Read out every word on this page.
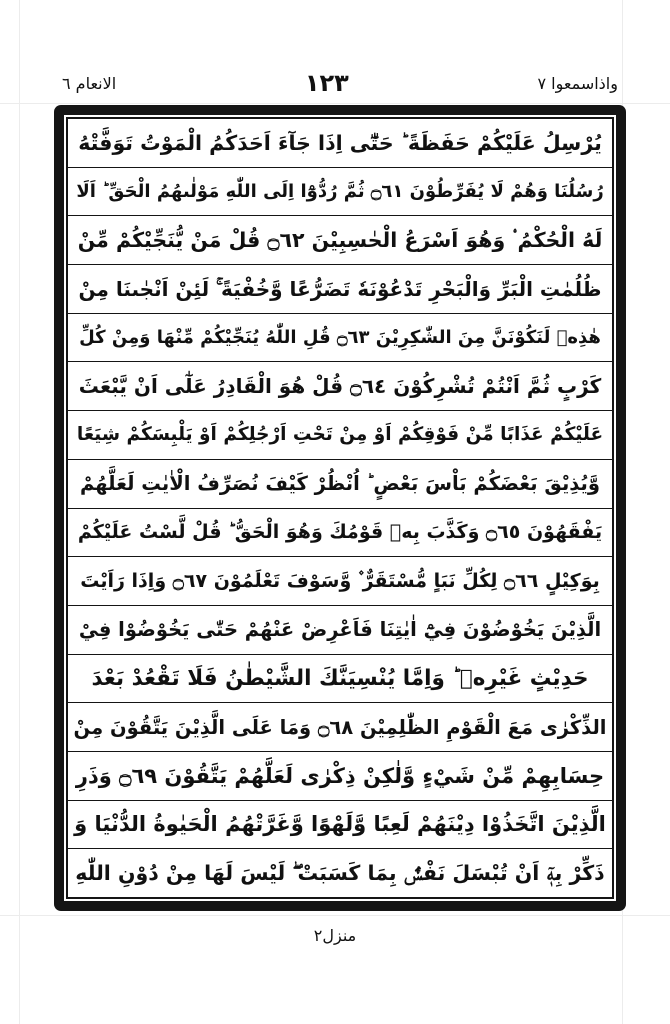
الانعام ٦	١٢٣	واذاسمعوا ٧
يُرْسِلُ عَلَيْكُمْ حَفَظَةً ؕ حَتّٰٓى اِذَا جَآءَ اَحَدَكُمُ الْمَوْتُ تَوَفَّتْهُ
رُسُلُنَا وَهُمْ لَا يُفَرِّطُوْنَ ۝٦١ ثُمَّ رُدُّوْٓا اِلَى اللّٰهِ مَوْلٰىهُمُ الْحَقِّ ؕ اَلَا
لَهُ الْحُكْمُ ۟ وَهُوَ اَسْرَعُ الْحٰسِبِيْنَ ۝٦٢ قُلْ مَنْ يُّنَجِّيْكُمْ مِّنْ
ظُلُمٰتِ الْبَرِّ وَالْبَحْرِ تَدْعُوْنَهٗ تَضَرُّعًا وَّخُفْيَةً ۚ لَئِنْ اَنْجٰىنَا مِنْ
هٰذِهٖ لَنَكُوْنَنَّ مِنَ الشّٰكِرِيْنَ ۝٦٣ قُلِ اللّٰهُ يُنَجِّيْكُمْ مِّنْهَا وَمِنْ كُلِّ
كَرْبٍ ثُمَّ اَنْتُمْ تُشْرِكُوْنَ ۝٦٤ قُلْ هُوَ الْقَادِرُ عَلٰٓى اَنْ يَّبْعَثَ
عَلَيْكُمْ عَذَابًا مِّنْ فَوْقِكُمْ اَوْ مِنْ تَحْتِ اَرْجُلِكُمْ اَوْ يَلْبِسَكُمْ شِيَعًا
وَّيُذِيْقَ بَعْضَكُمْ بَاْسَ بَعْضٍ ؕ اُنْظُرْ كَيْفَ نُصَرِّفُ الْاٰيٰتِ لَعَلَّهُمْ
يَفْقَهُوْنَ ۝٦٥ وَكَذَّبَ بِهٖ قَوْمُكَ وَهُوَ الْحَقُّ ؕ قُلْ لَّسْتُ عَلَيْكُمْ
بِوَكِيْلٍ ۝٦٦ لِكُلِّ نَبَاٍ مُّسْتَقَرٌّ ۫ وَّسَوْفَ تَعْلَمُوْنَ ۝٦٧ وَاِذَا رَاَيْتَ
الَّذِيْنَ يَخُوْضُوْنَ فِيْٓ اٰيٰتِنَا فَاَعْرِضْ عَنْهُمْ حَتّٰى يَخُوْضُوْا فِيْ
حَدِيْثٍ غَيْرِهٖ ؕ وَاِمَّا يُنْسِيَنَّكَ الشَّيْطٰنُ فَلَا تَقْعُدْ بَعْدَ
الذِّكْرٰى مَعَ الْقَوْمِ الظّٰلِمِيْنَ ۝٦٨ وَمَا عَلَى الَّذِيْنَ يَتَّقُوْنَ مِنْ
حِسَابِهِمْ مِّنْ شَيْءٍ وَّلٰكِنْ ذِكْرٰى لَعَلَّهُمْ يَتَّقُوْنَ ۝٦٩ وَذَرِ
الَّذِيْنَ اتَّخَذُوْا دِيْنَهُمْ لَعِبًا وَّلَهْوًا وَّغَرَّتْهُمُ الْحَيٰوةُ الدُّنْيَا وَ
ذَكِّرْ بِهٖٓ اَنْ تُبْسَلَ نَفْسٌۢ بِمَا كَسَبَتْ ۖ لَيْسَ لَهَا مِنْ دُوْنِ اللّٰهِ
منزل٢
